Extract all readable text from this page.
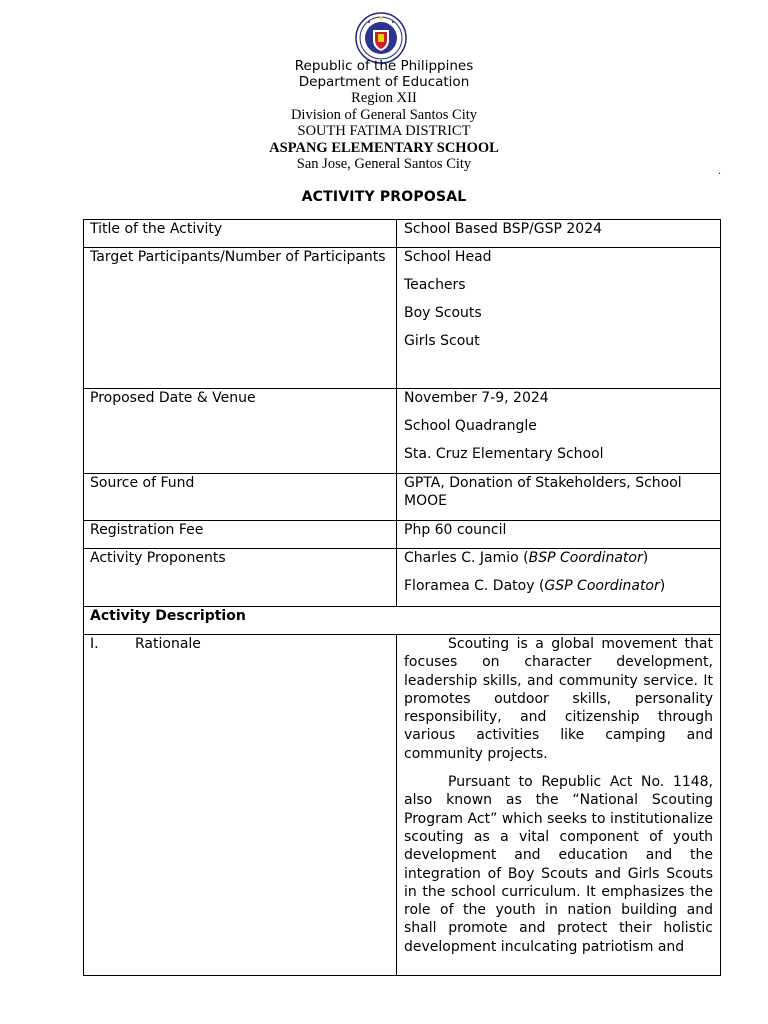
Republic of the Philippines
Department of Education
Region XII
Division of General Santos City
SOUTH FATIMA DISTRICT
ASPANG ELEMENTARY SCHOOL
San Jose, General Santos City	.
ACTIVITY PROPOSAL
Title of the Activity	School Based BSP/GSP 2024
Target Participants/Number of Participants	School Head
Teachers
Boy Scouts
Girls Scout

Proposed Date & Venue	November 7-9, 2024
School Quadrangle
Sta. Cruz Elementary School

Source of Fund	GPTA, Donation of Stakeholders, School MOOE
Registration Fee	Php 60 council
Activity Proponents	Charles C. Jamio (BSP Coordinator)
Floramea C. Datoy (GSP Coordinator)

Activity Description	
I. Rationale	Scouting is a global movement that focuses on character development, leadership skills, and community service. It promotes outdoor skills, personality responsibility, and citizenship through various activities like camping and community projects.
Pursuant to Republic Act No. 1148, also known as the “National Scouting Program Act” which seeks to institutionalize scouting as a vital component of youth development and education and the integration of Boy Scouts and Girls Scouts in the school curriculum. It emphasizes the role of the youth in nation building and shall promote and protect their holistic development inculcating patriotism and
